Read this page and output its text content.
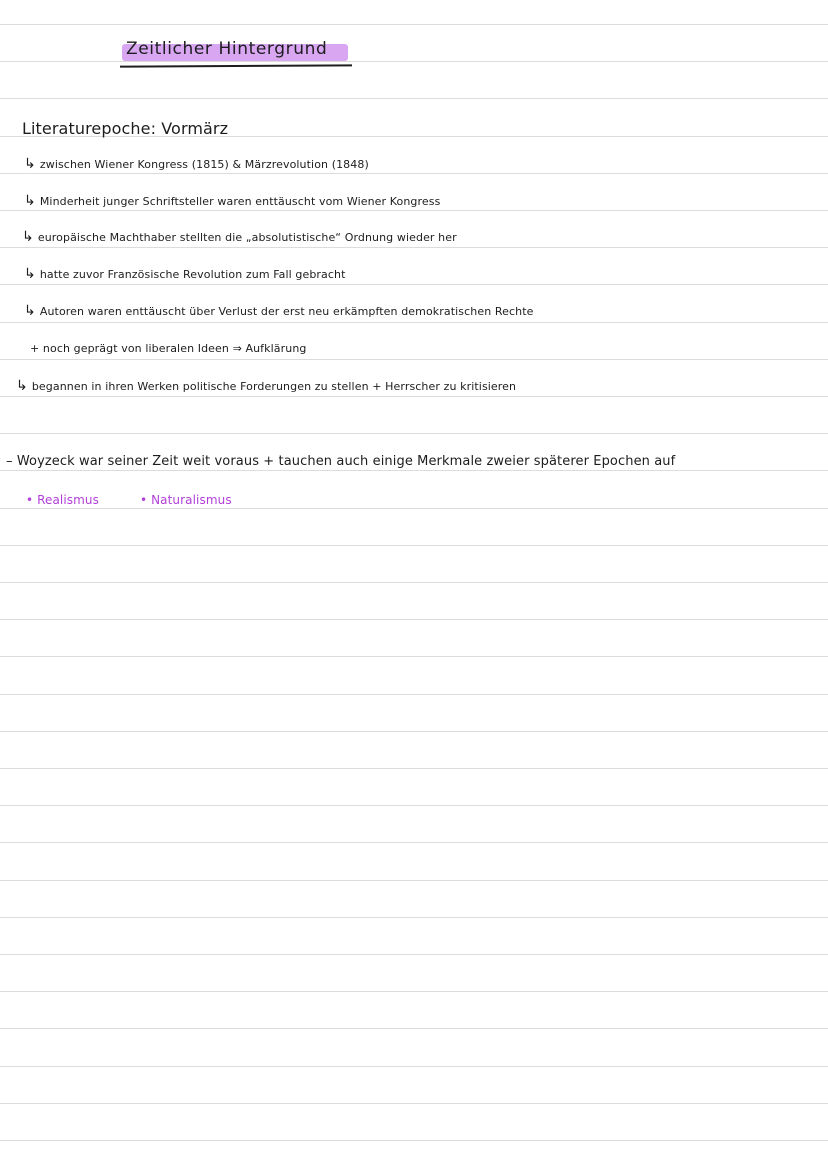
Zeitlicher Hintergrund
Literaturepoche: Vormärz
↳ zwischen Wiener Kongress (1815) & Märzrevolution (1848)
↳ Minderheit junger Schriftsteller waren enttäuscht vom Wiener Kongress
↳ europäische Machthaber stellten die „absolutistische“ Ordnung wieder her
↳ hatte zuvor Französische Revolution zum Fall gebracht
↳ Autoren waren enttäuscht über Verlust der erst neu erkämpften demokratischen Rechte
+ noch geprägt von liberalen Ideen ⇒ Aufklärung
↳ begannen in ihren Werken politische Forderungen zu stellen + Herrscher zu kritisieren
– Woyzeck war seiner Zeit weit voraus + tauchen auch einige Merkmale zweier späterer Epochen auf
• Realismus	• Naturalismus
